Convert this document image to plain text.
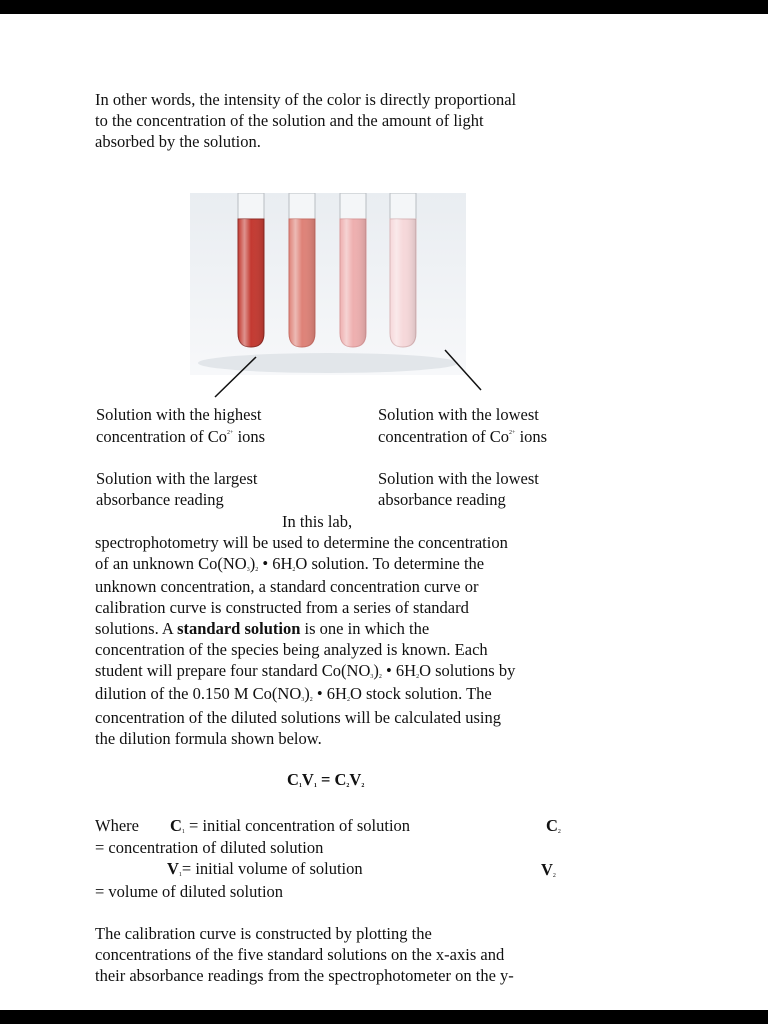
In other words, the intensity of the color is directly proportional
to the concentration of the solution and the amount of light
absorbed by the solution.
Solution with the highest
concentration of $Co^{2+}$ ions
Solution with the lowest
concentration of $Co^{2+}$ ions
Solution with the largest
absorbance reading
Solution with the lowest
absorbance reading
In this lab,
spectrophotometry will be used to determine the concentration
of an unknown $Co(NO_3)_2$ • $6H_2O$ solution. To determine the
unknown concentration, a standard concentration curve or
calibration curve is constructed from a series of standard
solutions. A standard solution is one in which the
concentration of the species being analyzed is known. Each
student will prepare four standard $Co(NO_3)_2$ • $6H_2O$ solutions by
dilution of the 0.150 M $Co(NO_3)_2$ • $6H_2O$ stock solution. The
concentration of the diluted solutions will be calculated using
the dilution formula shown below.
$C_1V_1 = C_2V_2$
Where $C_1$ = initial concentration of solution	$C_2$
= concentration of diluted solution
$V_1=$ initial volume of solution	$V_2$
= volume of diluted solution
The calibration curve is constructed by plotting the
concentrations of the five standard solutions on the x-axis and
their absorbance readings from the spectrophotometer on the y-
